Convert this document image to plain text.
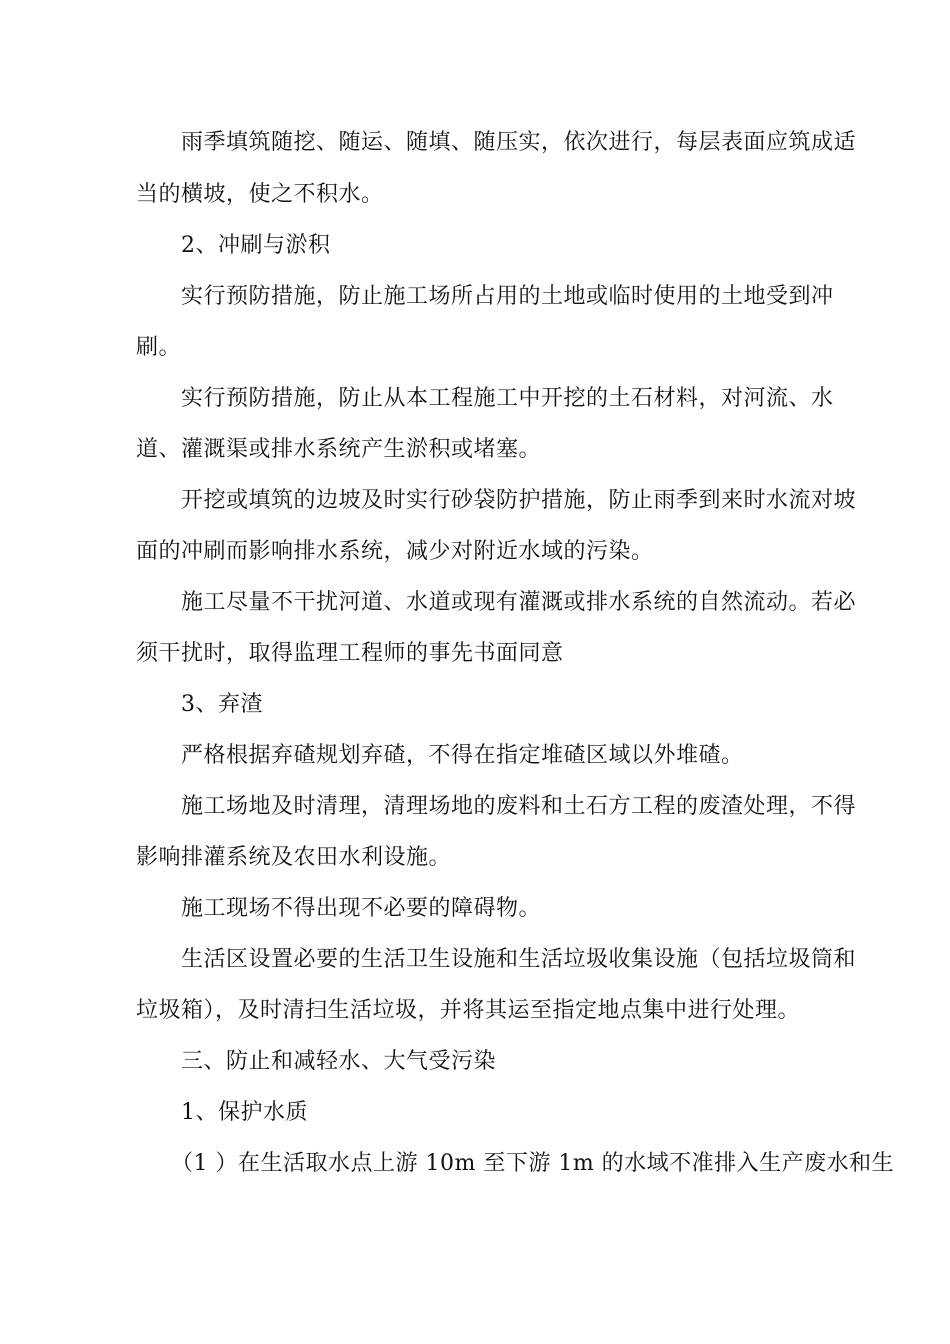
雨季填筑随挖、随运、随填、随压实，依次进行，每层表面应筑成适
当的横坡，使之不积水。
2、冲刷与淤积
实行预防措施，防止施工场所占用的土地或临时使用的土地受到冲
刷。
实行预防措施，防止从本工程施工中开挖的土石材料，对河流、水
道、灌溉渠或排水系统产生淤积或堵塞。
开挖或填筑的边坡及时实行砂袋防护措施，防止雨季到来时水流对坡
面的冲刷而影响排水系统，减少对附近水域的污染。
施工尽量不干扰河道、水道或现有灌溉或排水系统的自然流动。若必
须干扰时，取得监理工程师的事先书面同意
3、弃渣
严格根据弃碴规划弃碴，不得在指定堆碴区域以外堆碴。
施工场地及时清理，清理场地的废料和土石方工程的废渣处理，不得
影响排灌系统及农田水利设施。
施工现场不得出现不必要的障碍物。
生活区设置必要的生活卫生设施和生活垃圾收集设施（包括垃圾筒和
垃圾箱），及时清扫生活垃圾，并将其运至指定地点集中进行处理。
三、防止和减轻水、大气受污染
1、保护水质
（1 ）在生活取水点上游 10m 至下游 1m 的水域不准排入生产废水和生
